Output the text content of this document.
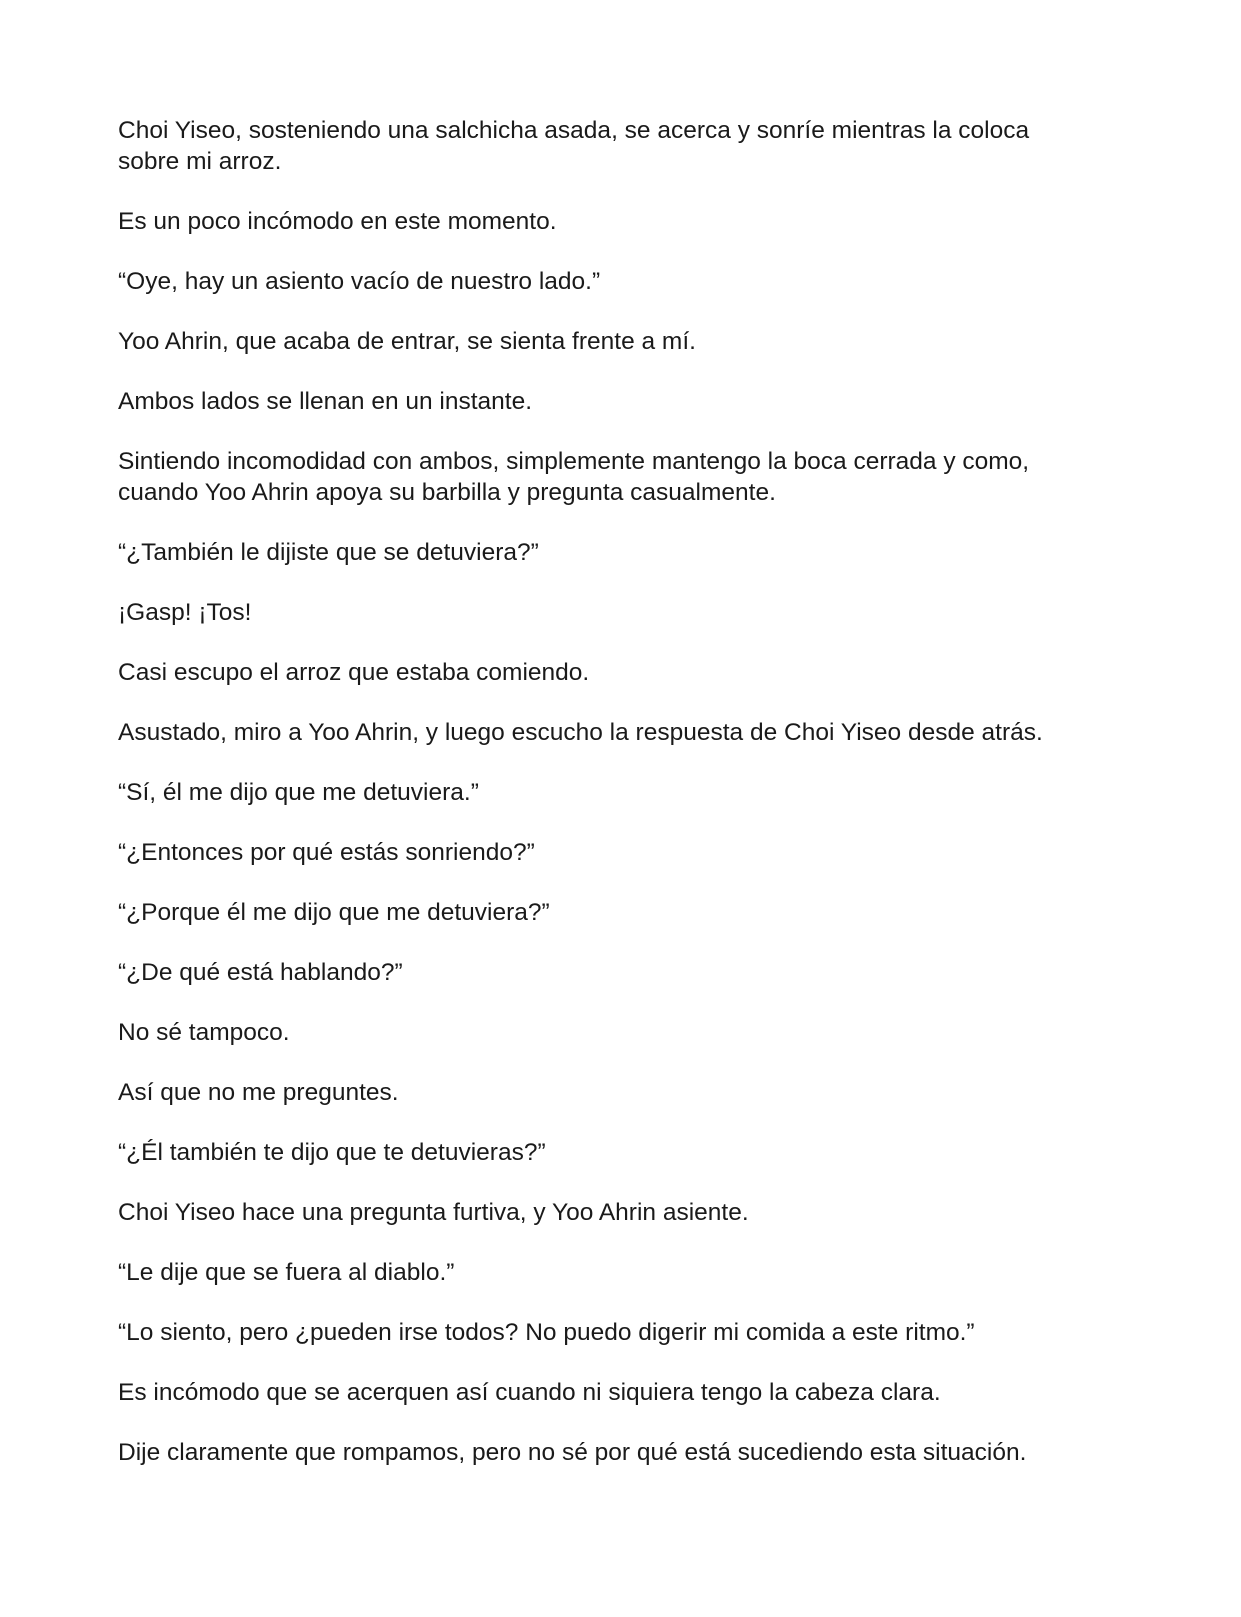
Choi Yiseo, sosteniendo una salchicha asada, se acerca y sonríe mientras la coloca sobre mi arroz.

Es un poco incómodo en este momento.

“Oye, hay un asiento vacío de nuestro lado.”

Yoo Ahrin, que acaba de entrar, se sienta frente a mí.

Ambos lados se llenan en un instante.

Sintiendo incomodidad con ambos, simplemente mantengo la boca cerrada y como, cuando Yoo Ahrin apoya su barbilla y pregunta casualmente.

“¿También le dijiste que se detuviera?”

¡Gasp! ¡Tos!

Casi escupo el arroz que estaba comiendo.

Asustado, miro a Yoo Ahrin, y luego escucho la respuesta de Choi Yiseo desde atrás.

“Sí, él me dijo que me detuviera.”

“¿Entonces por qué estás sonriendo?”

“¿Porque él me dijo que me detuviera?”

“¿De qué está hablando?”

No sé tampoco.

Así que no me preguntes.

“¿Él también te dijo que te detuvieras?”

Choi Yiseo hace una pregunta furtiva, y Yoo Ahrin asiente.

“Le dije que se fuera al diablo.”

“Lo siento, pero ¿pueden irse todos? No puedo digerir mi comida a este ritmo.”

Es incómodo que se acerquen así cuando ni siquiera tengo la cabeza clara.

Dije claramente que rompamos, pero no sé por qué está sucediendo esta situación.
